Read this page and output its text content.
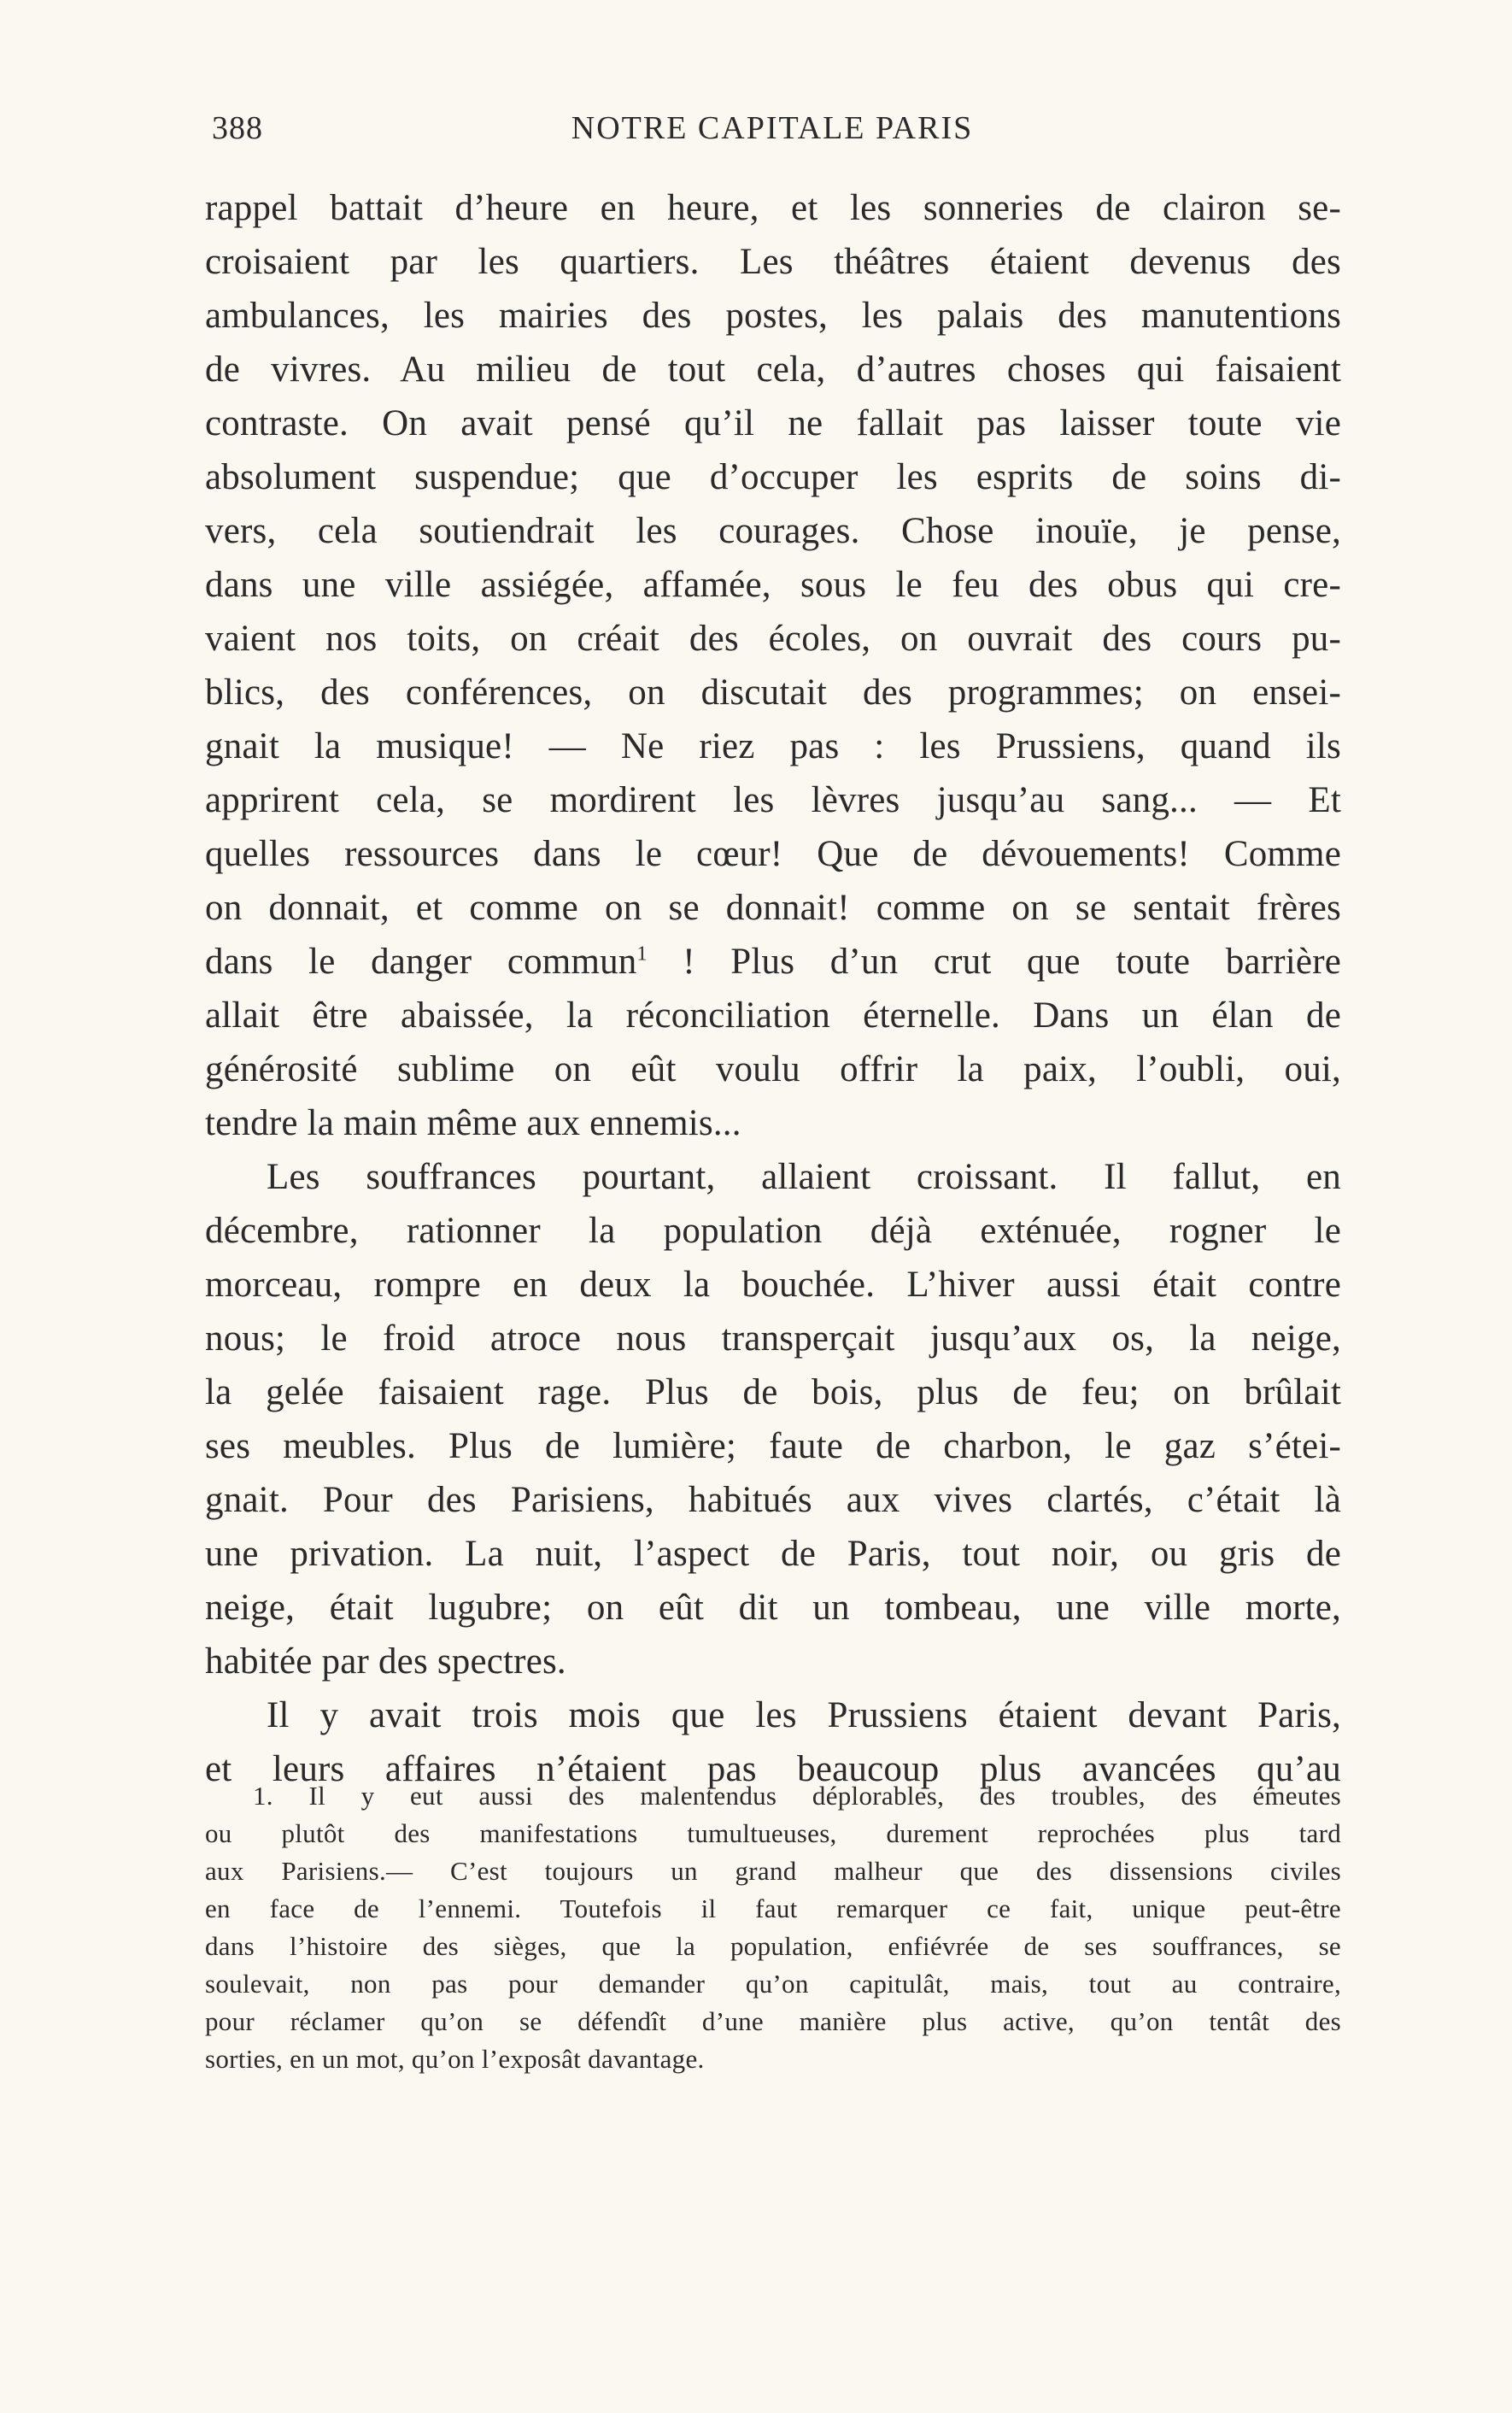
388	NOTRE CAPITALE PARIS
rappel battait d’heure en heure, et les sonneries de clairon se-
croisaient par les quartiers. Les théâtres étaient devenus des
ambulances, les mairies des postes, les palais des manutentions
de vivres. Au milieu de tout cela, d’autres choses qui faisaient
contraste. On avait pensé qu’il ne fallait pas laisser toute vie
absolument suspendue; que d’occuper les esprits de soins di-
vers, cela soutiendrait les courages. Chose inouïe, je pense,
dans une ville assiégée, affamée, sous le feu des obus qui cre-
vaient nos toits, on créait des écoles, on ouvrait des cours pu-
blics, des conférences, on discutait des programmes; on ensei-
gnait la musique! — Ne riez pas : les Prussiens, quand ils
apprirent cela, se mordirent les lèvres jusqu’au sang... — Et
quelles ressources dans le cœur! Que de dévouements! Comme
on donnait, et comme on se donnait! comme on se sentait frères
dans le danger commun$^1$ ! Plus d’un crut que toute barrière
allait être abaissée, la réconciliation éternelle. Dans un élan de
générosité sublime on eût voulu offrir la paix, l’oubli, oui,
tendre la main même aux ennemis...
Les souffrances pourtant, allaient croissant. Il fallut, en
décembre, rationner la population déjà exténuée, rogner le
morceau, rompre en deux la bouchée. L’hiver aussi était contre
nous; le froid atroce nous transperçait jusqu’aux os, la neige,
la gelée faisaient rage. Plus de bois, plus de feu; on brûlait
ses meubles. Plus de lumière; faute de charbon, le gaz s’étei-
gnait. Pour des Parisiens, habitués aux vives clartés, c’était là
une privation. La nuit, l’aspect de Paris, tout noir, ou gris de
neige, était lugubre; on eût dit un tombeau, une ville morte,
habitée par des spectres.
Il y avait trois mois que les Prussiens étaient devant Paris,
et leurs affaires n’étaient pas beaucoup plus avancées qu’au
1. Il y eut aussi des malentendus déplorables, des troubles, des émeutes
ou plutôt des manifestations tumultueuses, durement reprochées plus tard
aux Parisiens.— C’est toujours un grand malheur que des dissensions civiles
en face de l’ennemi. Toutefois il faut remarquer ce fait, unique peut-être
dans l’histoire des sièges, que la population, enfiévrée de ses souffrances, se
soulevait, non pas pour demander qu’on capitulât, mais, tout au contraire,
pour réclamer qu’on se défendît d’une manière plus active, qu’on tentât des
sorties, en un mot, qu’on l’exposât davantage.
